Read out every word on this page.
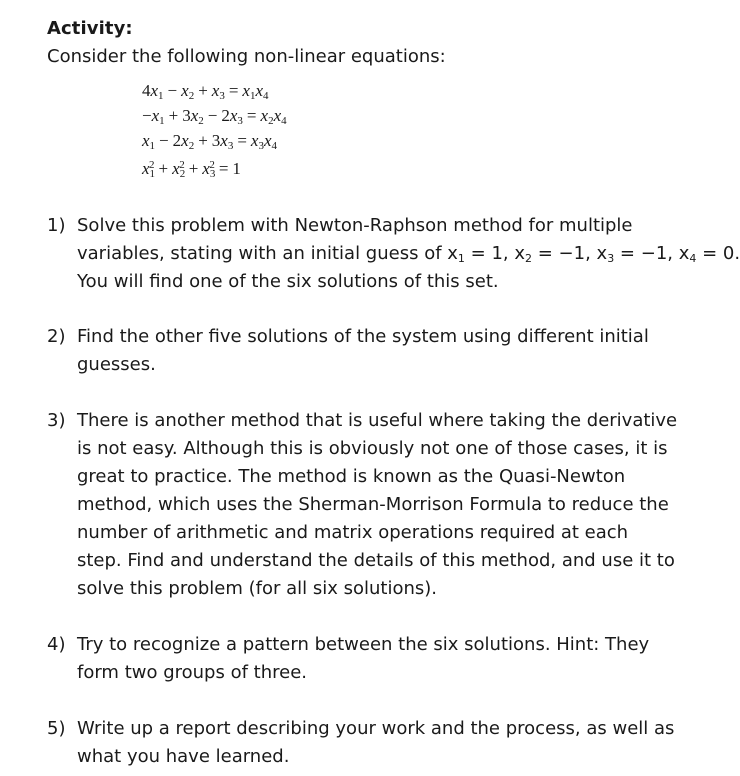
Activity:
Consider the following non-linear equations:
$4x_1 - x_2 + x_3 = x_1x_4$
$-x_1 + 3x_2 - 2x_3 = x_2x_4$
$x_1 - 2x_2 + 3x_3 = x_3x_4$
$x_1^2 + x_2^2 + x_3^2 = 1$
1) Solve this problem with Newton-Raphson method for multiple
variables, stating with an initial guess of $x_1 = 1$, $x_2 = -1$, $x_3 = -1$, $x_4 = 0$.
You will find one of the six solutions of this set.
2) Find the other five solutions of the system using different initial
guesses.
3) There is another method that is useful where taking the derivative
is not easy. Although this is obviously not one of those cases, it is
great to practice. The method is known as the Quasi-Newton
method, which uses the Sherman-Morrison Formula to reduce the
number of arithmetic and matrix operations required at each
step. Find and understand the details of this method, and use it to
solve this problem (for all six solutions).
4) Try to recognize a pattern between the six solutions. Hint: They
form two groups of three.
5) Write up a report describing your work and the process, as well as
what you have learned.
